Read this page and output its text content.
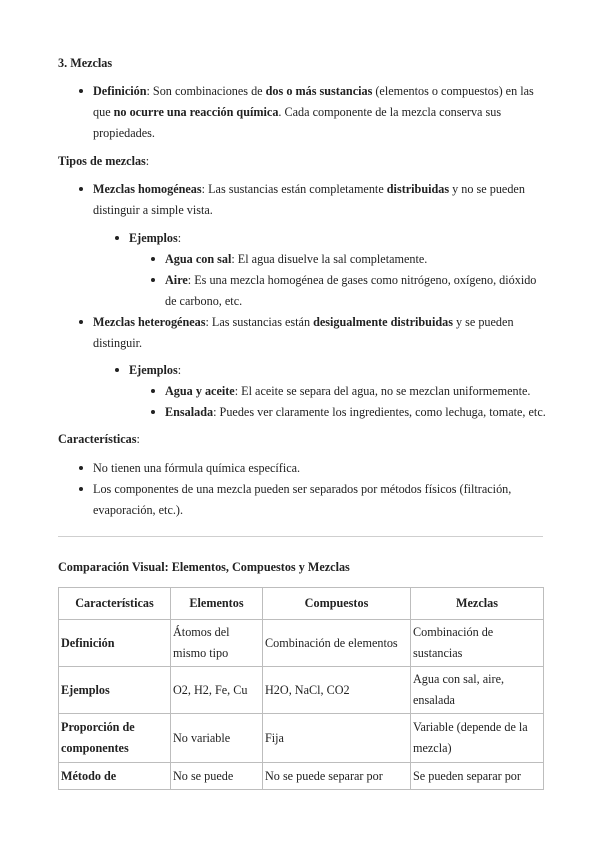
3. Mezclas
Definición: Son combinaciones de dos o más sustancias (elementos o compuestos) en las
que no ocurre una reacción química. Cada componente de la mezcla conserva sus
propiedades.
Tipos de mezclas:
Mezclas homogéneas: Las sustancias están completamente distribuidas y no se pueden
distinguir a simple vista.
Ejemplos:
Agua con sal: El agua disuelve la sal completamente.
Aire: Es una mezcla homogénea de gases como nitrógeno, oxígeno, dióxido
de carbono, etc.
Mezclas heterogéneas: Las sustancias están desigualmente distribuidas y se pueden
distinguir.
Ejemplos:
Agua y aceite: El aceite se separa del agua, no se mezclan uniformemente.
Ensalada: Puedes ver claramente los ingredientes, como lechuga, tomate, etc.
Características:
No tienen una fórmula química específica.
Los componentes de una mezcla pueden ser separados por métodos físicos (filtración,
evaporación, etc.).
Comparación Visual: Elementos, Compuestos y Mezclas
Características	Elementos	Compuestos	Mezclas
Definición	Átomos del mismo tipo	Combinación de elementos	Combinación de sustancias
Ejemplos	O2, H2, Fe, Cu	H2O, NaCl, CO2	Agua con sal, aire, ensalada
Proporción de componentes	No variable	Fija	Variable (depende de la mezcla)
Método de	No se puede	No se puede separar por	Se pueden separar por
